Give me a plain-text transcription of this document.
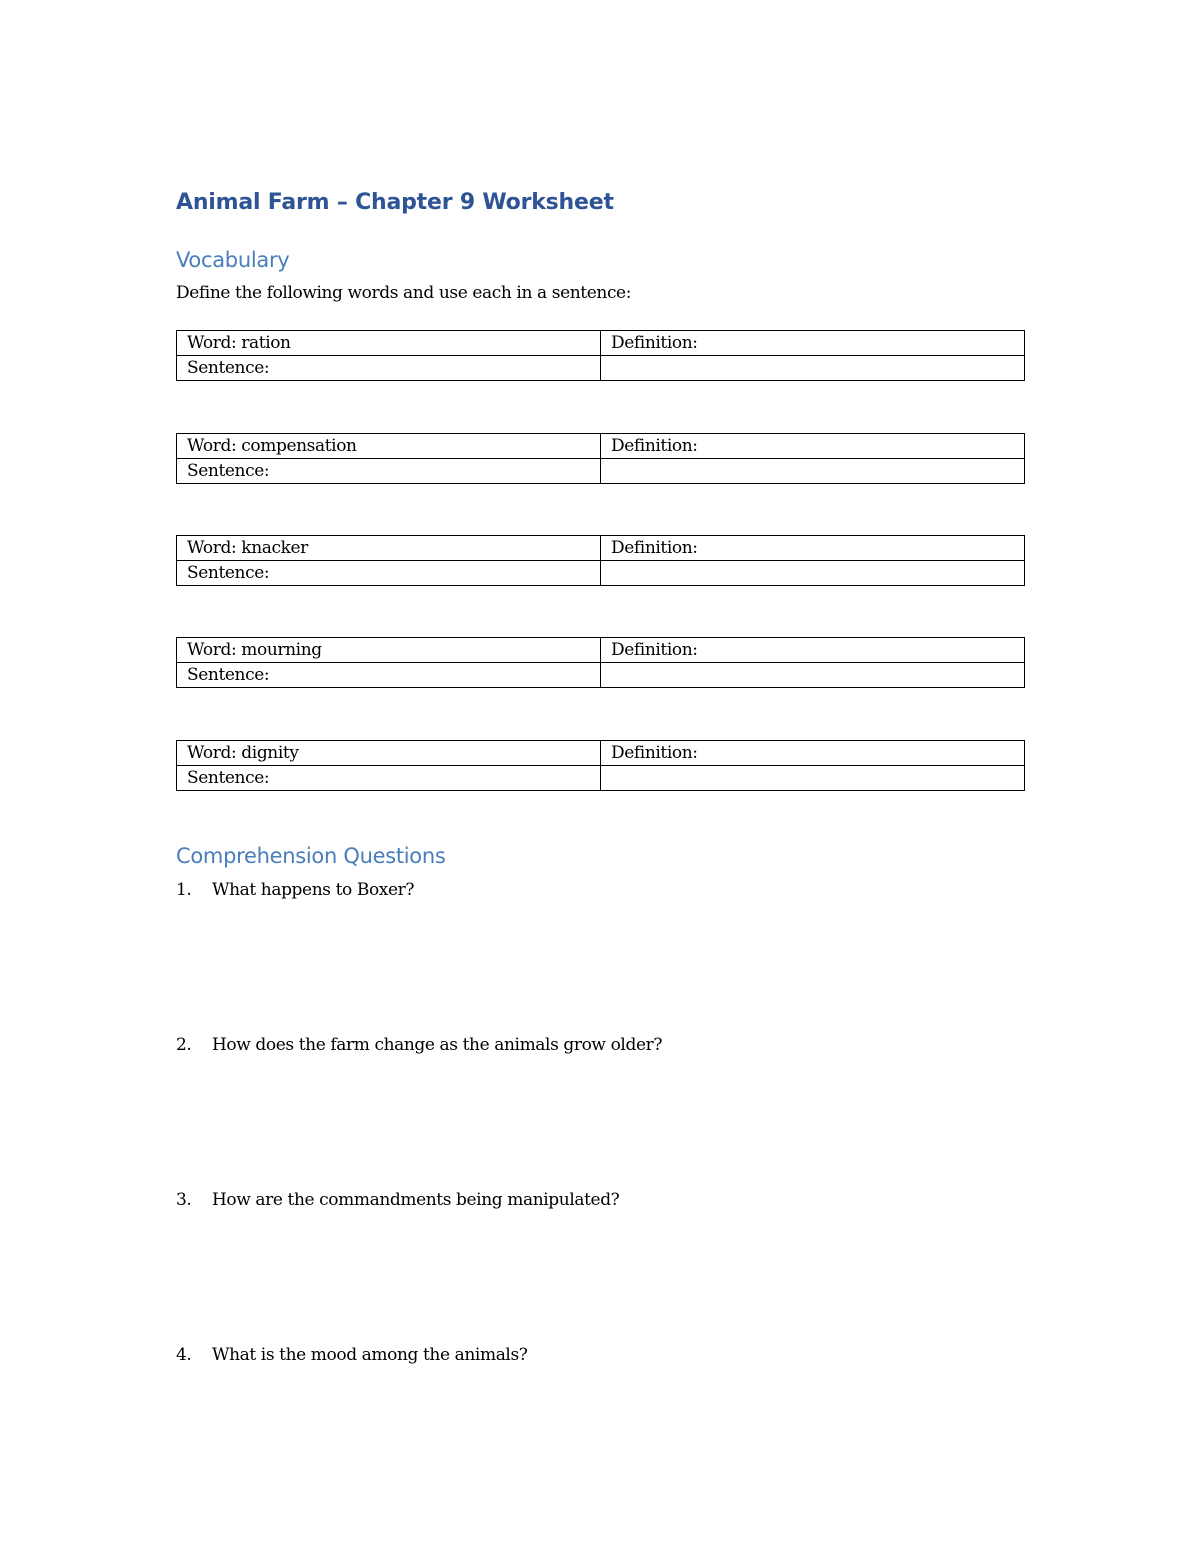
Animal Farm – Chapter 9 Worksheet
Vocabulary

Define the following words and use each in a sentence:

Word: ration	Definition:
Sentence:	
Word: compensation	Definition:
Sentence:	
Word: knacker	Definition:
Sentence:	
Word: mourning	Definition:
Sentence:	
Word: dignity	Definition:
Sentence:	
Comprehension Questions

1. What happens to Boxer?

2. How does the farm change as the animals grow older?

3. How are the commandments being manipulated?

4. What is the mood among the animals?
